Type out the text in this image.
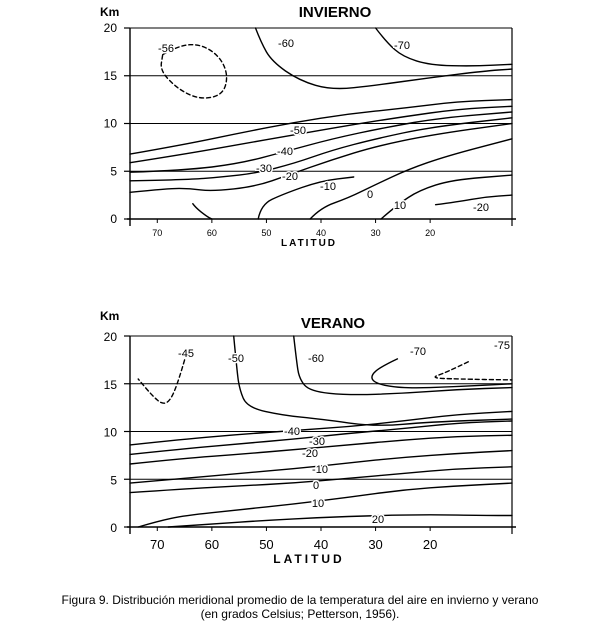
INVIERNO
Km
0
5
10
15
20
70	60	50	40	30	20
LATITUD
-56	-60	-70
-50
-40
-30
-20
-10
0
10	-20
VERANO
Km
0
5
10
15
20
70	60	50	40	30	20
LATITUD
-45	-50	-60
-70	-75
-40
-30
-20
-10
0
10
20
Figura 9. Distribución meridional promedio de la temperatura del aire en invierno y verano
(en grados Celsius; Petterson, 1956).
